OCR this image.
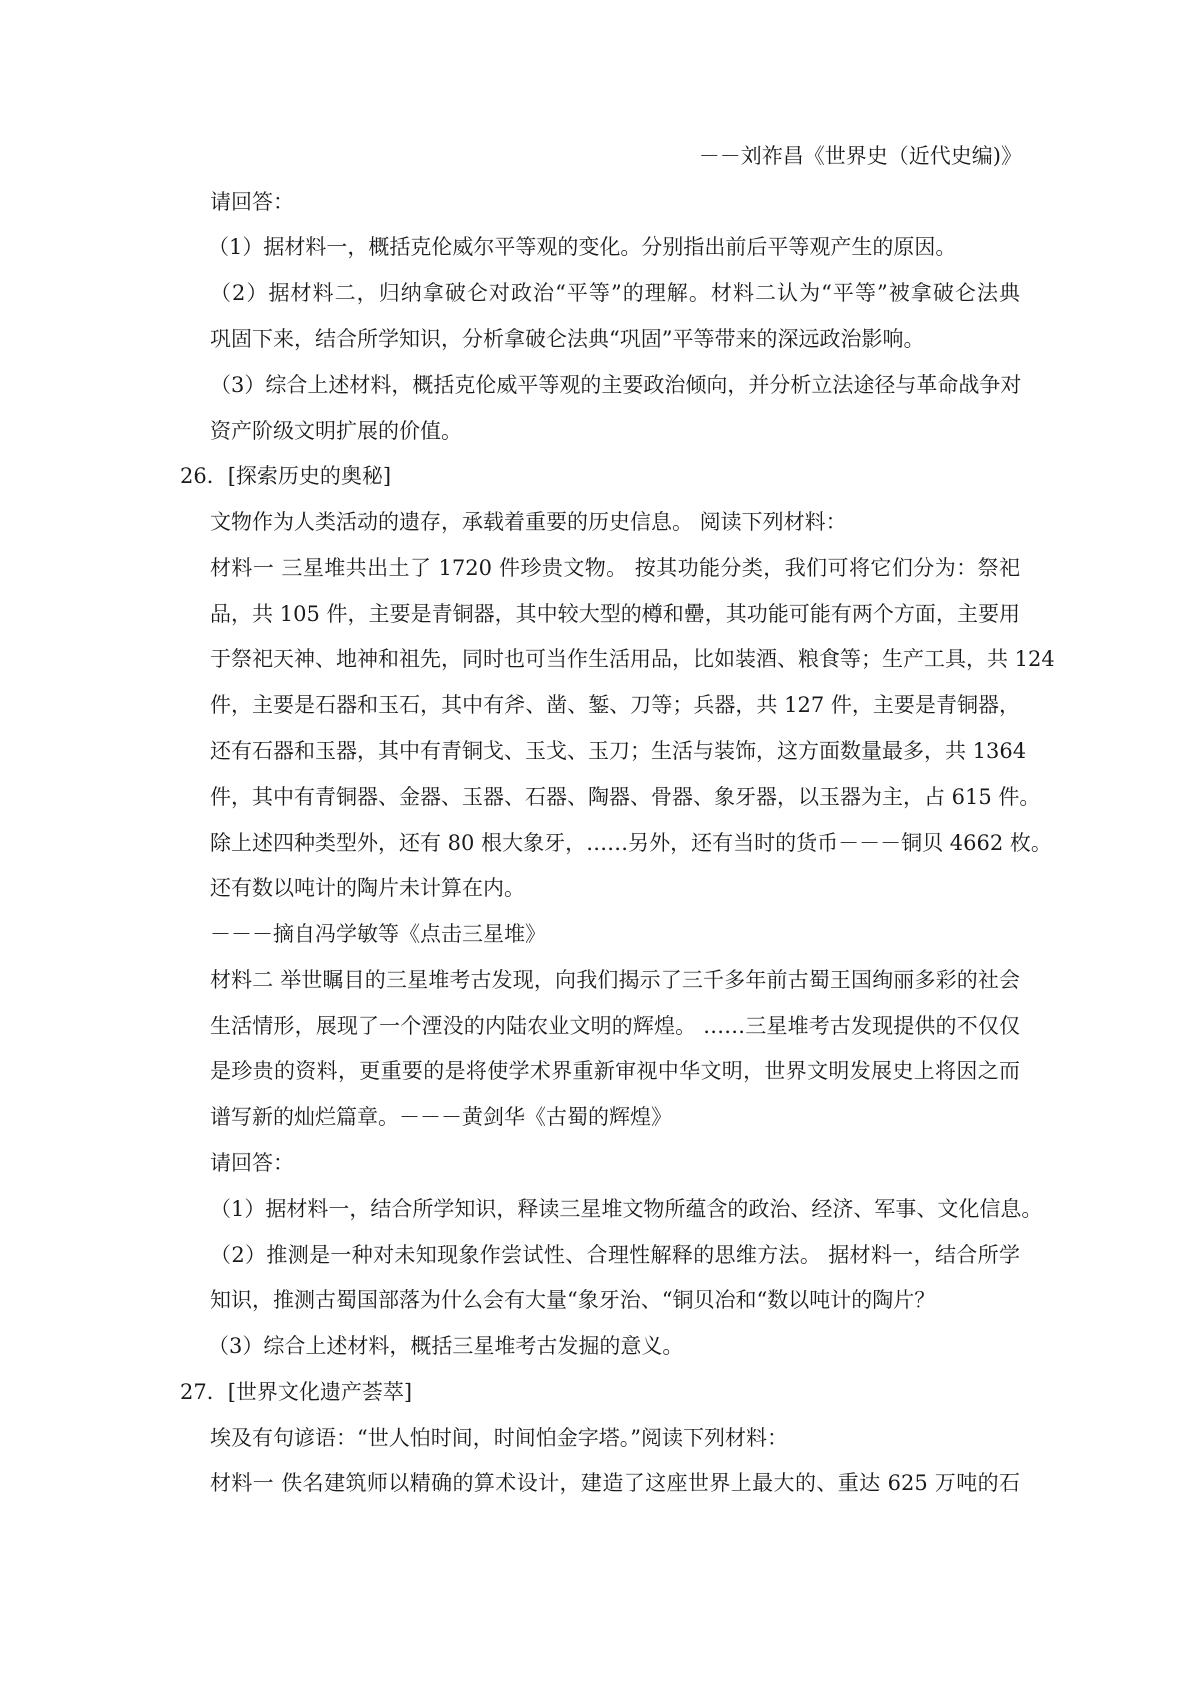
－－刘祚昌《世界史（近代史编)》
请回答：
（1）据材料一，概括克伦威尔平等观的变化。分别指出前后平等观产生的原因。
（2）据材料二，归纳拿破仑对政治“平等”的理解。材料二认为“平等”被拿破仑法典
巩固下来，结合所学知识，分析拿破仑法典“巩固”平等带来的深远政治影响。
（3）综合上述材料，概括克伦威平等观的主要政治倾向，并分析立法途径与革命战争对
资产阶级文明扩展的价值。
26．[探索历史的奥秘]
文物作为人类活动的遗存，承载着重要的历史信息。 阅读下列材料：
材料一 三星堆共出土了 1720 件珍贵文物。 按其功能分类，我们可将它们分为：祭祀
品，共 105 件，主要是青铜器，其中较大型的樽和罍，其功能可能有两个方面，主要用
于祭祀天神、地神和祖先，同时也可当作生活用品，比如装酒、粮食等；生产工具，共 124
件，主要是石器和玉石，其中有斧、凿、錾、刀等；兵器，共 127 件，主要是青铜器，
还有石器和玉器，其中有青铜戈、玉戈、玉刀；生活与装饰，这方面数量最多，共 1364
件，其中有青铜器、金器、玉器、石器、陶器、骨器、象牙器，以玉器为主，占 615 件。
除上述四种类型外，还有 80 根大象牙，……另外，还有当时的货币－－－铜贝 4662 枚。
还有数以吨计的陶片未计算在内。
－－－摘自冯学敏等《点击三星堆》
材料二 举世瞩目的三星堆考古发现，向我们揭示了三千多年前古蜀王国绚丽多彩的社会
生活情形，展现了一个湮没的内陆农业文明的辉煌。 ……三星堆考古发现提供的不仅仅
是珍贵的资料，更重要的是将使学术界重新审视中华文明，世界文明发展史上将因之而
谱写新的灿烂篇章。－－－黄剑华《古蜀的辉煌》
请回答：
（1）据材料一，结合所学知识，释读三星堆文物所蕴含的政治、经济、军事、文化信息。
（2）推测是一种对未知现象作尝试性、合理性解释的思维方法。 据材料一，结合所学
知识，推测古蜀国部落为什么会有大量“象牙治、“铜贝冶和“数以吨计的陶片？
（3）综合上述材料，概括三星堆考古发掘的意义。
27．[世界文化遗产荟萃]
埃及有句谚语：“世人怕时间，时间怕金字塔。”阅读下列材料：
材料一 佚名建筑师以精确的算术设计，建造了这座世界上最大的、重达 625 万吨的石
